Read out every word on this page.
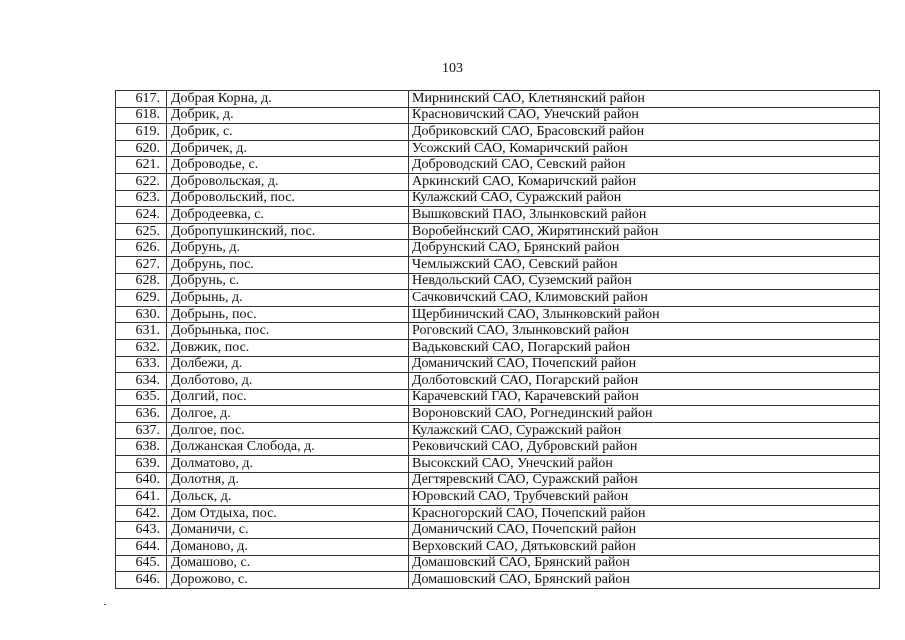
103
617.	Добрая Корна, д.	Мирнинский САО, Клетнянский район
618.	Добрик, д.	Красновичский САО, Унечский район
619.	Добрик, с.	Добриковский САО, Брасовский район
620.	Добричек, д.	Усожский САО, Комаричский район
621.	Доброводье, с.	Доброводский САО, Севский район
622.	Добровольская, д.	Аркинский САО, Комаричский район
623.	Добровольский, пос.	Кулажский САО, Суражский район
624.	Добродеевка, с.	Вышковский ПАО, Злынковский район
625.	Добропушкинский, пос.	Воробейнский САО, Жирятинский район
626.	Добрунь, д.	Добрунский САО, Брянский район
627.	Добрунь, пос.	Чемлыжский САО, Севский район
628.	Добрунь, с.	Невдольский САО, Суземский район
629.	Добрынь, д.	Сачковичский САО, Климовский район
630.	Добрынь, пос.	Щербиничский САО, Злынковский район
631.	Добрынька, пос.	Роговский САО, Злынковский район
632.	Довжик, пос.	Вадьковский САО, Погарский район
633.	Долбежи, д.	Доманичский САО, Почепский район
634.	Долботово, д.	Долботовский САО, Погарский район
635.	Долгий, пос.	Карачевский ГАО, Карачевский район
636.	Долгое, д.	Вороновский САО, Рогнединский район
637.	Долгое, пос.	Кулажский САО, Суражский район
638.	Должанская Слобода, д.	Рековичский САО, Дубровский район
639.	Долматово, д.	Высокский САО, Унечский район
640.	Долотня, д.	Дегтяревский САО, Суражский район
641.	Дольск, д.	Юровский САО, Трубчевский район
642.	Дом Отдыха, пос.	Красногорский САО, Почепский район
643.	Доманичи, с.	Доманичский САО, Почепский район
644.	Доманово, д.	Верховский САО, Дятьковский район
645.	Домашово, с.	Домашовский САО, Брянский район
646.	Дорожово, с.	Домашовский САО, Брянский район
